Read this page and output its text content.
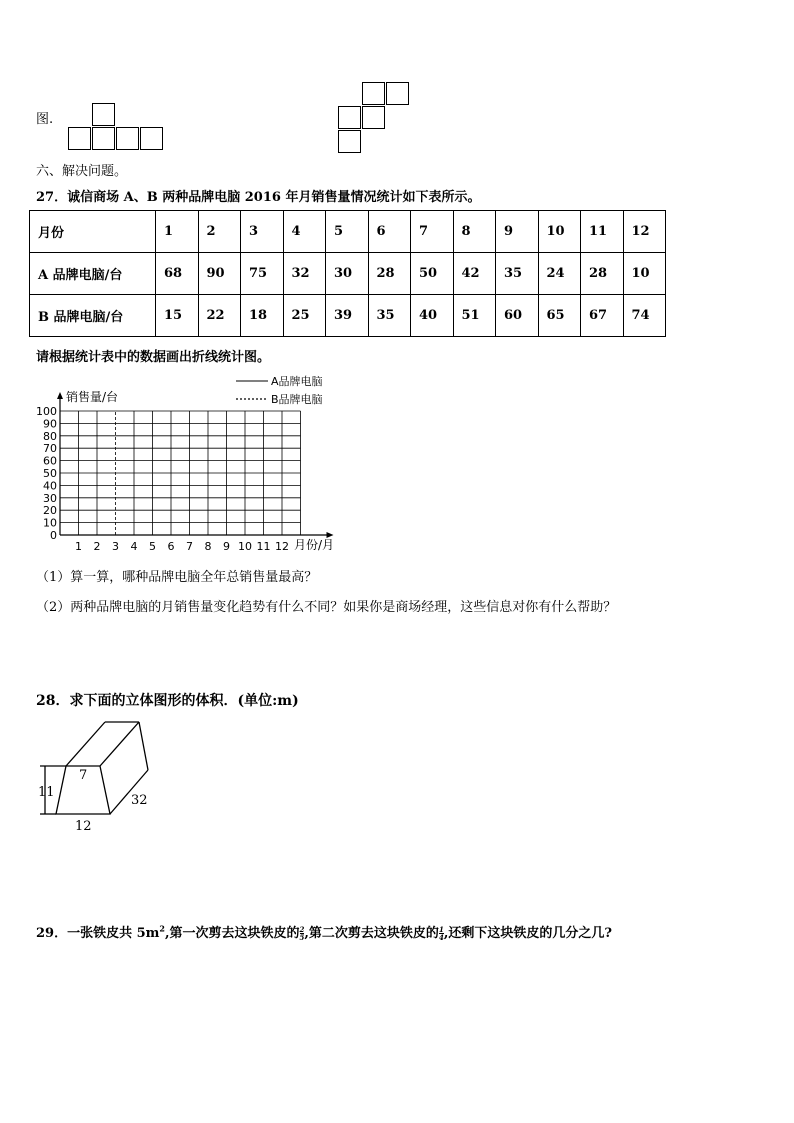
图.
六、解决问题。
27．诚信商场 A、B 两种品牌电脑 2016 年月销售量情况统计如下表所示。
月份	1	2	3	4	5	6	7	8	9	10	11	12
A 品牌电脑/台	68	90	75	32	30	28	50	42	35	24	28	10
B 品牌电脑/台	15	22	18	25	39	35	40	51	60	65	67	74
请根据统计表中的数据画出折线统计图。
0
10
20
30
40
50
60
70
80
90
100
1 2 3 4 5 6 7 8 9 10 11 12
销售量/台
月份/月
A品牌电脑
B品牌电脑
（1）算一算，哪种品牌电脑全年总销售量最高？
（2）两种品牌电脑的月销售量变化趋势有什么不同？如果你是商场经理，这些信息对你有什么帮助？
28．求下面的立体图形的体积．(单位:m)
7
11
12
32
29．一张铁皮共 $5m^2$,第一次剪去这块铁皮的 $\frac{2}{5}$ ,第二次剪去这块铁皮的 $\frac{1}{4}$ ,还剩下这块铁皮的几分之几?
